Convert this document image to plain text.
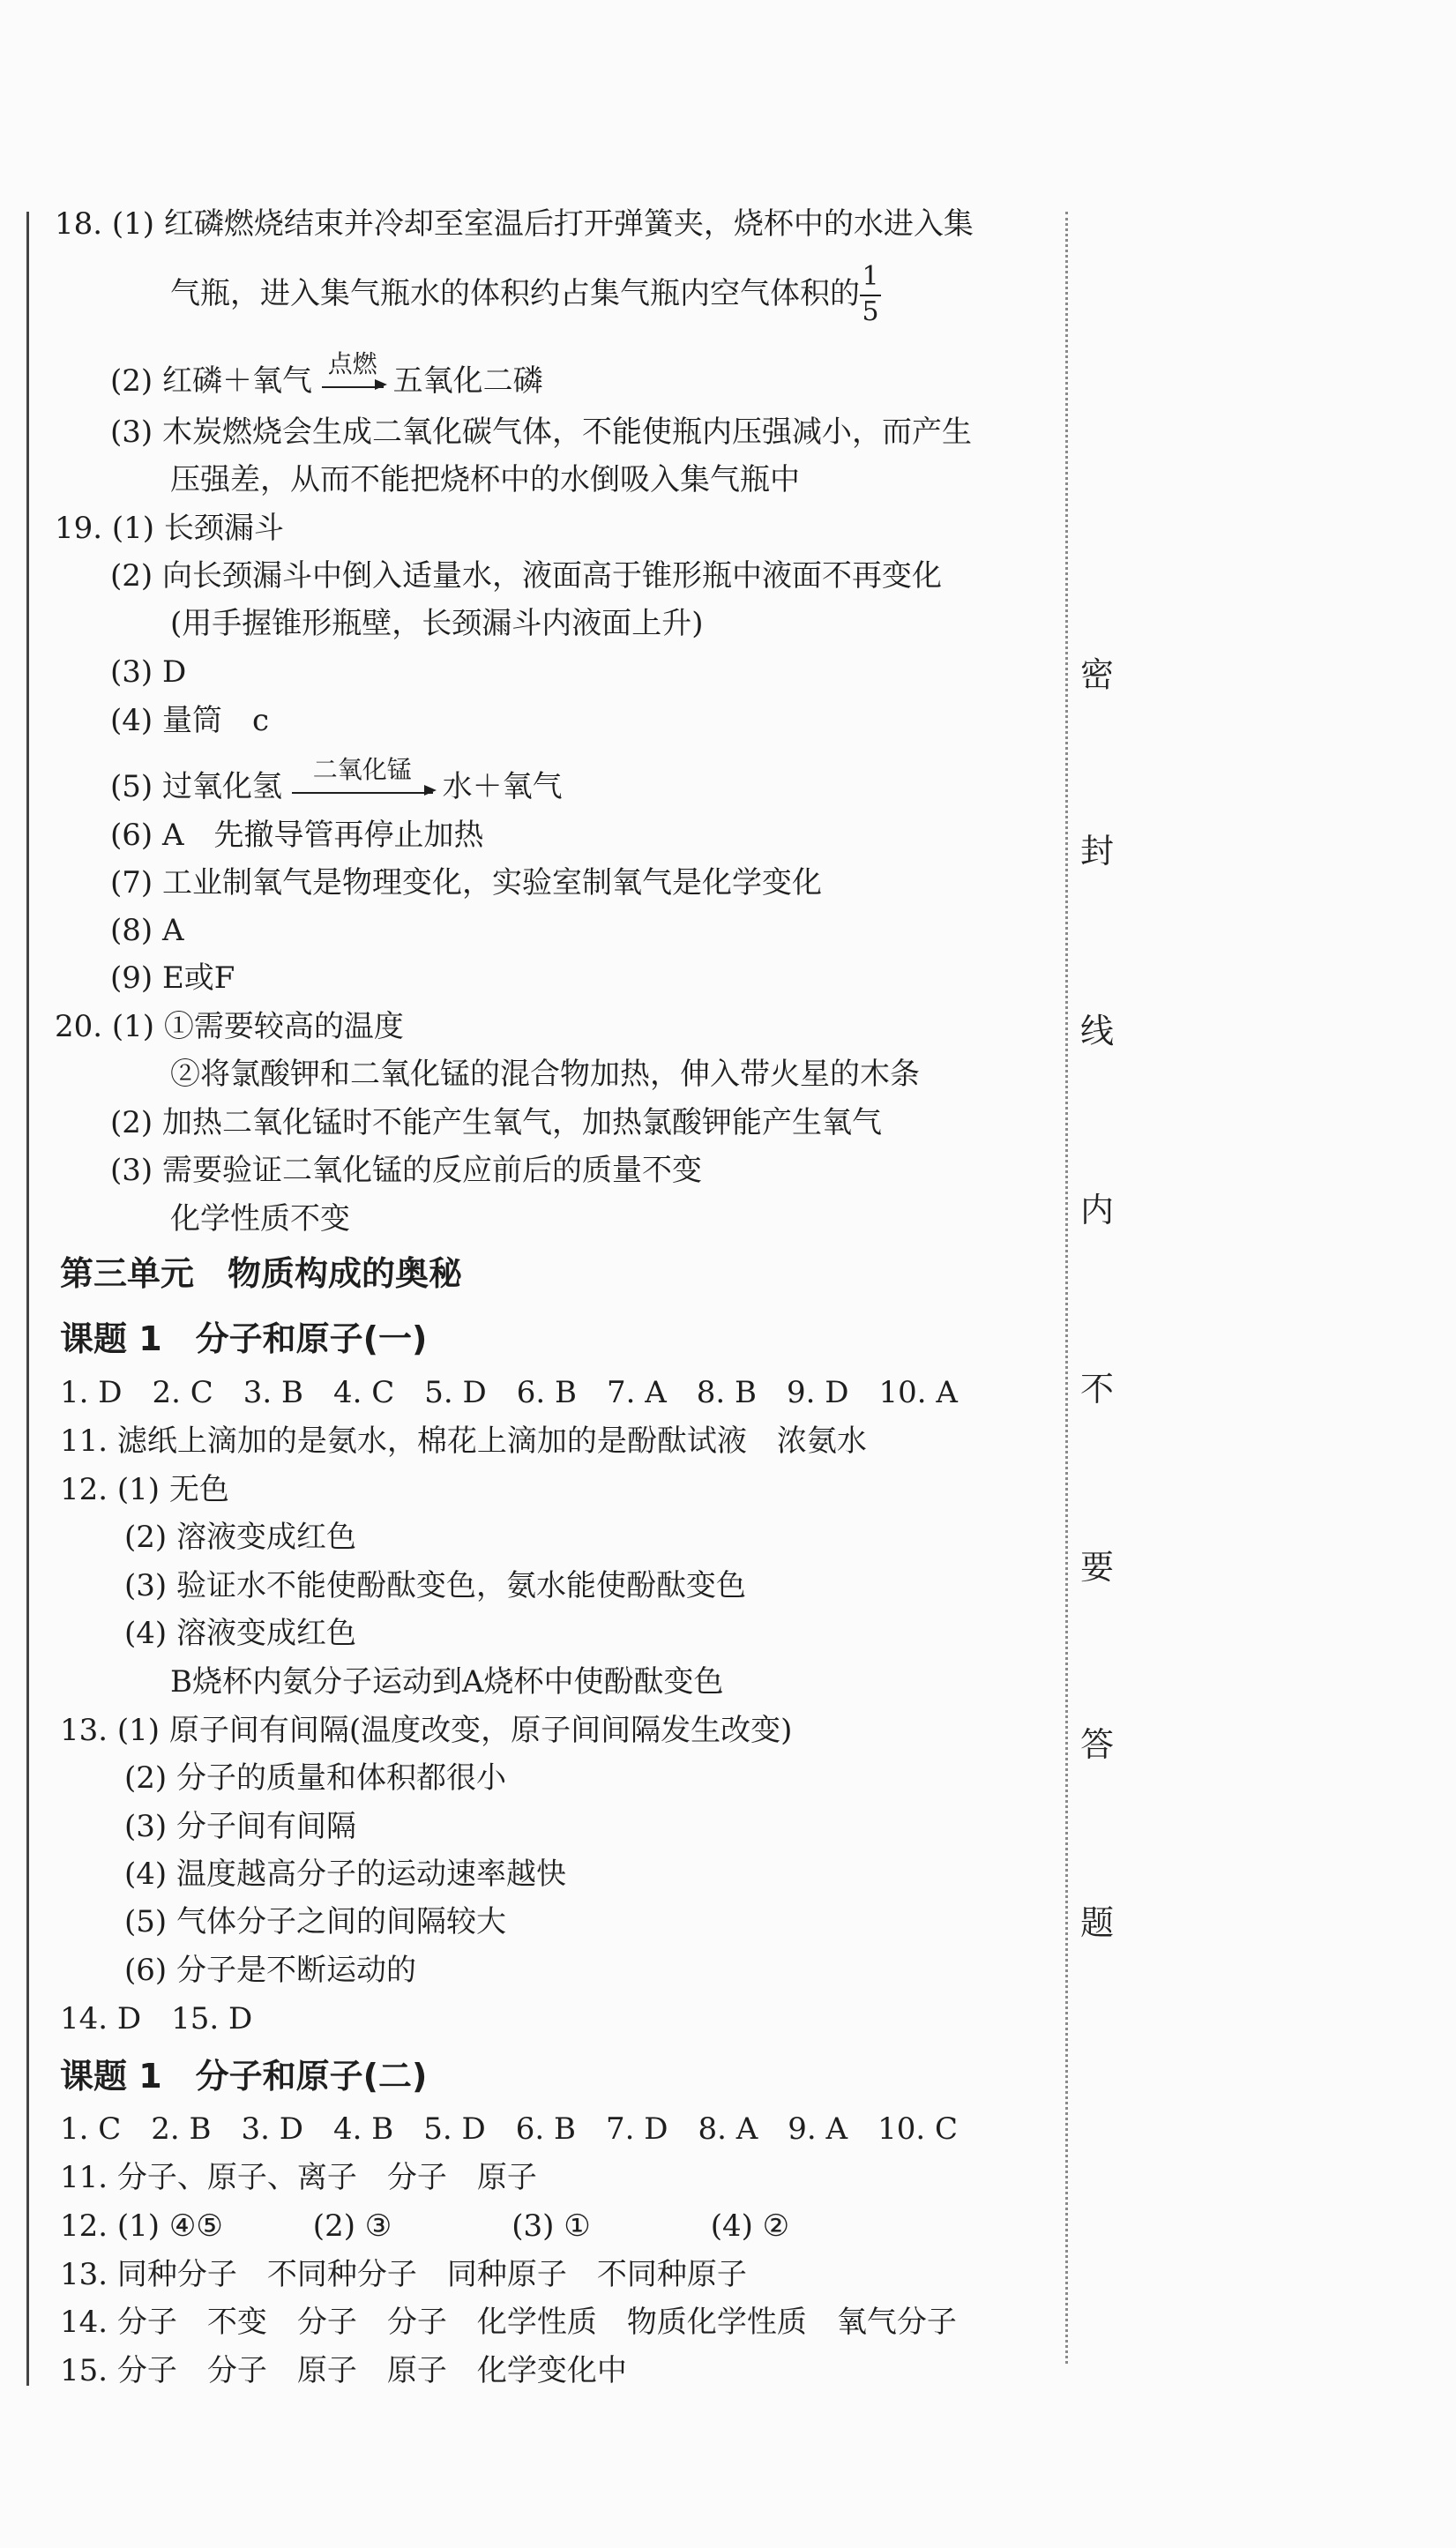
18. (1) 红磷燃烧结束并冷却至室温后打开弹簧夹，烧杯中的水进入集
气瓶，进入集气瓶水的体积约占集气瓶内空气体积的 $\frac{1}{5}$
(2) 红磷＋氧气 点燃 五氧化二磷
(3) 木炭燃烧会生成二氧化碳气体，不能使瓶内压强减小，而产生
压强差，从而不能把烧杯中的水倒吸入集气瓶中
19. (1) 长颈漏斗
(2) 向长颈漏斗中倒入适量水，液面高于锥形瓶中液面不再变化
(用手握锥形瓶壁，长颈漏斗内液面上升)
(3) D
(4) 量筒　c
(5) 过氧化氢	二氧化锰	水＋氧气
(6) A　先撤导管再停止加热
(7) 工业制氧气是物理变化，实验室制氧气是化学变化
(8) A
(9) E或F
20. (1) ①需要较高的温度
②将氯酸钾和二氧化锰的混合物加热，伸入带火星的木条
(2) 加热二氧化锰时不能产生氧气，加热氯酸钾能产生氧气
(3) 需要验证二氧化锰的反应前后的质量不变
化学性质不变
第三单元　物质构成的奥秘
课题 1　分子和原子(一)
1. D　2. C　3. B　4. C　5. D　6. B　7. A　8. B　9. D　10. A
11. 滤纸上滴加的是氨水，棉花上滴加的是酚酞试液　浓氨水
12. (1) 无色
(2) 溶液变成红色
(3) 验证水不能使酚酞变色，氨水能使酚酞变色
(4) 溶液变成红色
B烧杯内氨分子运动到A烧杯中使酚酞变色
13. (1) 原子间有间隔(温度改变，原子间间隔发生改变)
(2) 分子的质量和体积都很小
(3) 分子间有间隔
(4) 温度越高分子的运动速率越快
(5) 气体分子之间的间隔较大
(6) 分子是不断运动的
14. D　15. D
课题 1　分子和原子(二)
1. C　2. B　3. D　4. B　5. D　6. B　7. D　8. A　9. A　10. C
11. 分子、原子、离子　分子　原子
12. (1) ④⑤　　　(2) ③　　　　(3) ①　　　　(4) ②
13. 同种分子　不同种分子　同种原子　不同种原子
14. 分子　不变　分子　分子　化学性质　物质化学性质　氧气分子
15. 分子　分子　原子　原子　化学变化中
密
封
线
内
不
要
答
题
